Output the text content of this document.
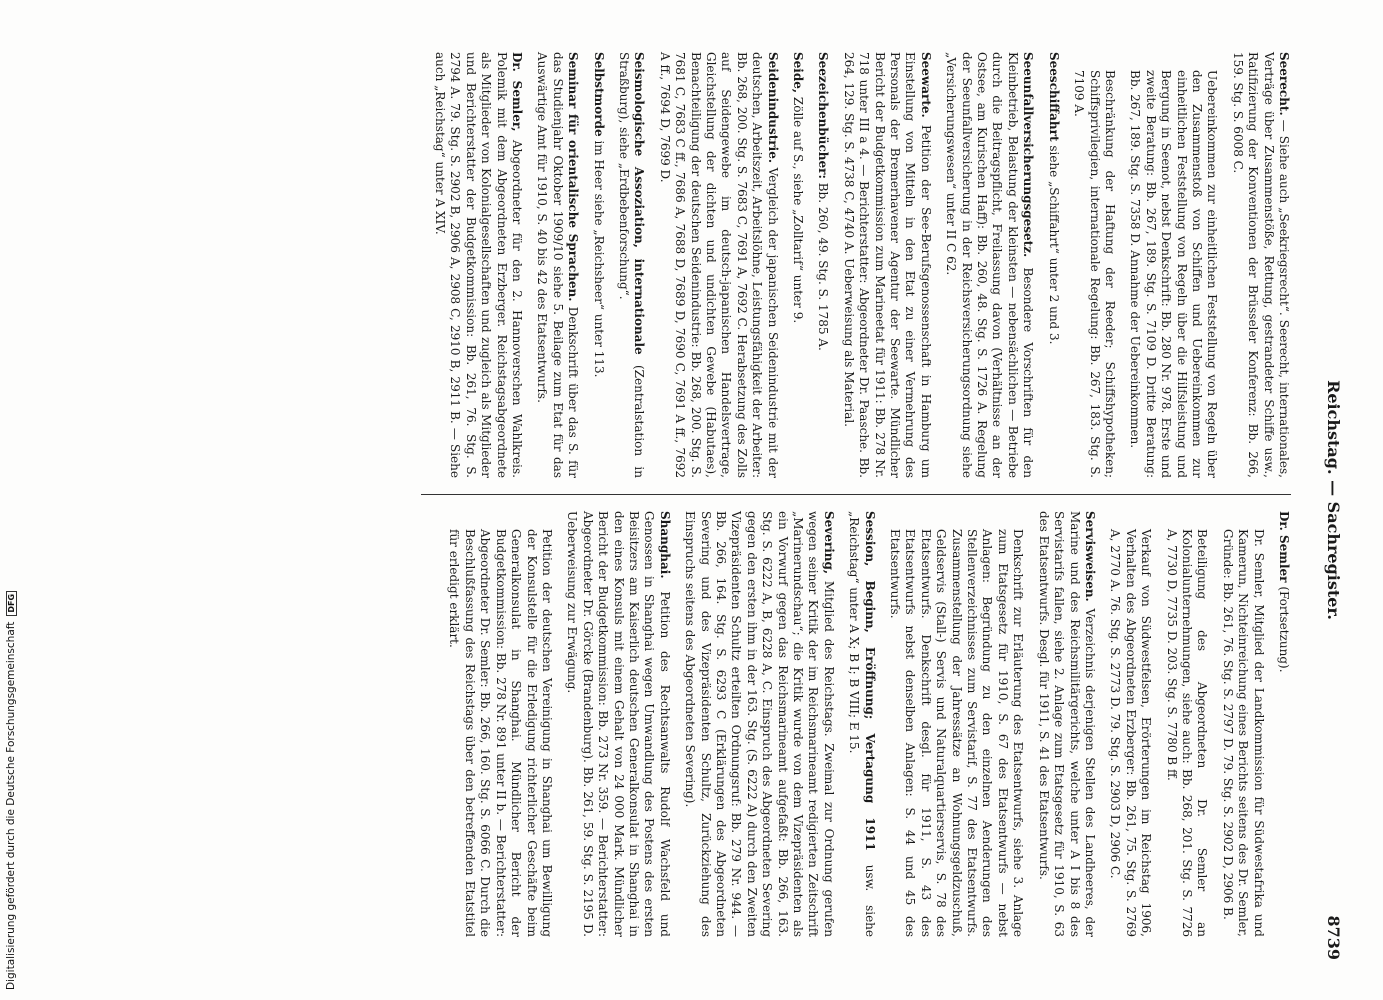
Reichstag. — Sachregister.
8739

Seerecht. — Siehe auch „Seekriegsrecht“. Seerecht, internationales, Verträge über Zusammenstöße, Rettung, gestrandeter Schiffe usw., Ratifizierung der Konventionen der Brüsseler Konferenz: Bb. 266, 159. Stg. S. 6008 C.

Uebereinkommen zur einheitlichen Feststellung von Regeln über den Zusammenstoß von Schiffen und Uebereinkommen zur einheitlichen Feststellung von Regeln über die Hilfsleistung und Bergung in Seenot, nebst Denkschrift: Bb. 280 Nr. 978. Erste und zweite Beratung: Bb. 267, 189. Stg. S. 7109 D. Dritte Beratung: Bb. 267, 189. Stg. S. 7358 D. Annahme der Uebereinkommen.

Beschränkung der Haftung der Reeder; Schiffshypotheken; Schiffsprivilegien, internationale Regelung: Bb. 267, 183. Stg. S. 7109 A.

Seeschiffahrt siehe „Schiffahrt“ unter 2 und 3.

Seeunfallversicherungsgesetz. Besondere Vorschriften für den Kleinbetrieb, Belastung der kleinsten — nebensächlichen — Betriebe durch die Beitragspflicht, Freilassung davon (Verhältnisse an der Ostsee, am Kurischen Haff): Bb. 260, 48. Stg. S. 1726 A. Regelung der Seeunfallversicherung in der Reichsversicherungsordnung siehe „Versicherungswesen“ unter II C 62.

Seewarte. Petition der See-Berufsgenossenschaft in Hamburg um Einstellung von Mitteln in den Etat zu einer Vermehrung des Personals der Bremerhavener Agentur der Seewarte. Mündlicher Bericht der Budgetkommission zum Marineetat für 1911: Bb. 278 Nr. 718 unter III a 4. — Berichterstatter: Abgeordneter Dr. Paasche. Bb. 264, 129. Stg. S. 4738 C, 4740 A. Ueberweisung als Material.

Seezeichenbücher: Bb. 260, 49. Stg. S. 1785 A.

Seide, Zölle auf S., siehe „Zolltarif“ unter 9.

Seidenindustrie. Vergleich der japanischen Seidenindustrie mit der deutschen, Arbeitszeit, Arbeitslöhne, Leistungsfähigkeit der Arbeiter: Bb. 268, 200. Stg. S. 7683 C, 7691 A, 7692 C. Herabsetzung des Zolls auf Seidengewebe im deutsch-japanischen Handelsvertrage, Gleichstellung der dichten und undichten Gewebe (Habutaes), Benachteiligung der deutschen Seidenindustrie: Bb. 268, 200. Stg. S. 7681 C, 7683 C ff., 7686 A, 7688 D, 7689 D, 7690 C, 7691 A ff., 7692 A ff., 7694 D, 7699 D.

Seismologische Assoziation, internationale (Zentralstation in Straßburg), siehe „Erdbebenforschung“.

Selbstmorde im Heer siehe „Reichsheer“ unter 113.

Seminar für orientalische Sprachen. Denkschrift über das S. für das Studienjahr Oktober 1909/10 siehe 5. Beilage zum Etat für das Auswärtige Amt für 1910, S. 40 bis 42 des Etatsentwurfs.

Dr. Semler, Abgeordneter für den 2. Hannoverschen Wahlkreis. Polemik mit dem Abgeordneten Erzberger. Reichstagsabgeordnete als Mitglieder von Kolonialgesellschaften und zugleich als Mitglieder und Berichterstatter der Budgetkommission: Bb. 261, 76. Stg. S. 2794 A. 79. Stg. S. 2902 B, 2906 A, 2908 C, 2910 B, 2911 B. — Siehe auch „Reichstag“ unter A XIV.

Dr. Semler (Fortsetzung).

Dr. Semler, Mitglied der Landkommission für Südwestafrika und Kamerun, Nichteinreichung eines Berichts seitens des Dr. Semler, Gründe: Bb. 261, 76. Stg. S. 2797 D. 79. Stg. S. 2902 D, 2906 B.

Beteiligung des Abgeordneten Dr. Semler an Kolonialunternehmungen, siehe auch: Bb. 268, 201. Stg. S. 7726 A, 7730 D, 7735 D. 203. Stg. S. 7780 B ff.

Verkauf von Südwestfelsen, Erörterungen im Reichstag 1906, Verhalten des Abgeordneten Erzberger: Bb. 261, 75. Stg. S. 2769 A, 2770 A. 76. Stg. S. 2773 D. 79. Stg. S. 2903 D, 2906 C.

Servisweisen. Verzeichnis derjenigen Stellen des Landheeres, der Marine und des Reichsmilitärgerichts, welche unter A I bis 8 des Servistarifs fallen, siehe 2. Anlage zum Etatsgesetz für 1910, S. 63 des Etatsentwurfs. Desgl. für 1911, S. 41 des Etatsentwurfs.

Denkschrift zur Erläuterung des Etatsentwurfs, siehe 3. Anlage zum Etatsgesetz für 1910, S. 67 des Etatsentwurfs — nebst Anlagen: Begründung zu den einzelnen Aenderungen des Stellenverzeichnisses zum Servistarif, S. 77 des Etatsentwurfs. Zusammenstellung der Jahressätze an Wohnungsgeldzuschuß, Geldservis (Stall-) Servis und Naturalquartierservis, S. 78 des Etatsentwurfs. Denkschrift desgl. für 1911, S. 43 des Etatsentwurfs nebst denselben Anlagen: S. 44 und 45 des Etatsentwurfs.

Session, Beginn, Eröffnung; Vertagung 1911 usw. siehe „Reichstag“ unter A X; B I; B VIII; E 15.

Severing, Mitglied des Reichstags. Zweimal zur Ordnung gerufen wegen seiner Kritik der im Reichsmarineamt redigierten Zeitschrift „Marinerundschau“; die Kritik wurde von dem Vizepräsidenten als ein Vorwurf gegen das Reichsmarineamt aufgefaßt: Bb. 266, 163. Stg. S. 6222 A, B, 6228 A, C. Einspruch des Abgeordneten Severing gegen den ersten ihm in der 163. Stg. (S. 6222 A) durch den Zweiten Vizepräsidenten Schultz erteilten Ordnungsruf: Bb. 279 Nr. 944. — Bb. 266, 164. Stg. S. 6293 C (Erklärungen des Abgeordneten Severing und des Vizepräsidenten Schultz, Zurückziehung des Einspruchs seitens des Abgeordneten Severing).

Shanghai. Petition des Rechtsanwalts Rudolf Wachsfeld und Genossen in Shanghai wegen Umwandlung des Postens des ersten Beisitzers am Kaiserlich deutschen Generalkonsulat in Shanghai in den eines Konsuls mit einem Gehalt von 24 000 Mark. Mündlicher Bericht der Budgetkommission: Bb. 273 Nr. 359. — Berichterstatter: Abgeordneter Dr. Görcke (Brandenburg). Bb. 261, 59. Stg. S. 2195 D. Ueberweisung zur Erwägung.

Petition der deutschen Vereinigung in Shanghai um Bewilligung der Konsulstelle für die Erledigung richterlicher Geschäfte beim Generalkonsulat in Shanghai. Mündlicher Bericht der Budgetkommission: Bb. 278 Nr. 891 unter II b. — Berichterstatter: Abgeordneter Dr. Semler: Bb. 266, 160. Stg. S. 6066 C. Durch die Beschlußfassung des Reichstags über den betreffenden Etatstitel für erledigt erklärt.

Digitalisierung gefördert durch die Deutsche Forschungsgemeinschaft
DFG
